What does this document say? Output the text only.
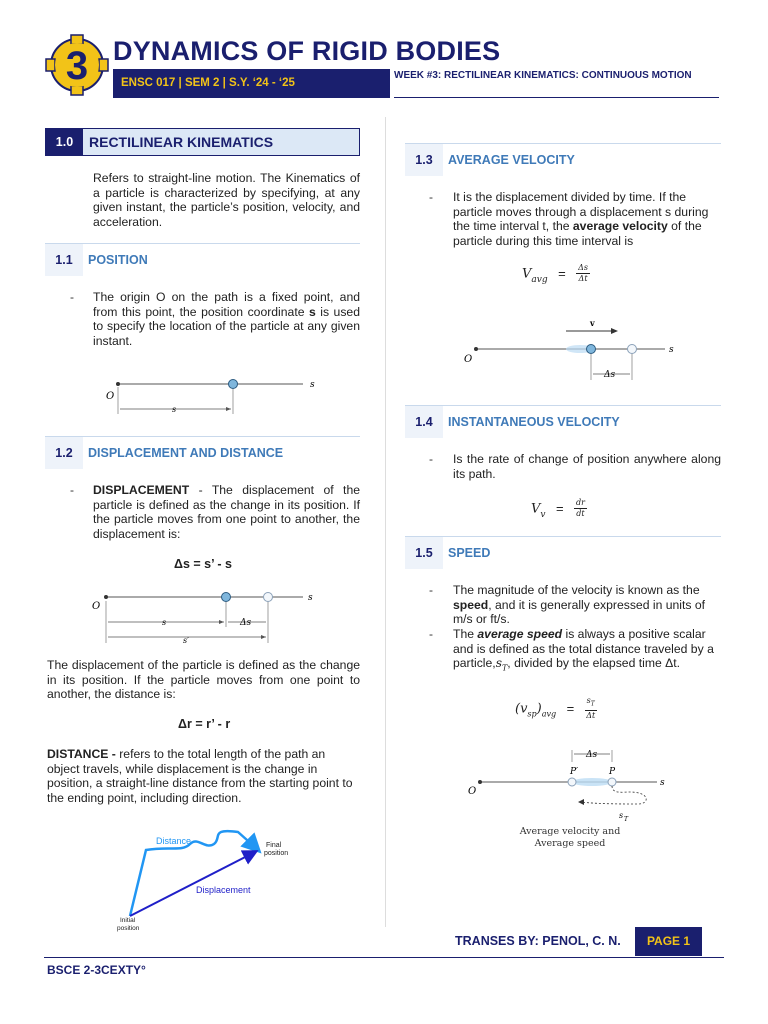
3 DYNAMICS OF RIGID BODIES
ENSC 017 | SEM 2 | S.Y. ‘24 - ‘25
WEEK #3: RECTILINEAR KINEMATICS: CONTINUOUS MOTION
1.0	RECTILINEAR KINEMATICS
Refers to straight-line motion. The Kinematics of a particle is characterized by specifying, at any given instant, the particle’s position, velocity, and acceleration.
1.1	POSITION
- The origin O on the path is a fixed point, and from this point, the position coordinate s is used to specify the location of the particle at any given instant.
s
O
s
1.2	DISPLACEMENT AND DISTANCE
- DISPLACEMENT - The displacement of the particle is defined as the change in its position. If the particle moves from one point to another, the displacement is:
Δs = s’ - s
s
O
s	Δs
s′
The displacement of the particle is defined as the change in its position. If the particle moves from one point to another, the distance is:
Δr = r’ - r
DISTANCE - refers to the total length of the path an object travels, while displacement is the change in position, a straight-line distance from the starting point to the ending point, including direction.
Distance	Final
position
Displacement
Initial
position
1.3	AVERAGE VELOCITY
- It is the displacement divided by time. If the particle moves through a displacement s during the time interval t, the average velocity of the particle during this time interval is
$V_{avg} = \frac{\Delta s}{\Delta t}$
v
s
O
Δs
1.4	INSTANTANEOUS VELOCITY
- Is the rate of change of position anywhere along its path.
$V_v = \frac{dr}{dt}$
1.5	SPEED
- The magnitude of the velocity is known as the speed, and it is generally expressed in units of m/s or ft/s.
- The average speed is always a positive scalar and is defined as the total distance traveled by a $particle,s_T$, divided by the elapsed time Δt.
$(v_{sp})_{avg} = \frac{s_T}{\Delta t}$
Δs
P′	P
s
O
s T
Average velocity and
Average speed
TRANSES BY: PENOL, C. N.	PAGE 1
BSCE 2-3CEXTY°
